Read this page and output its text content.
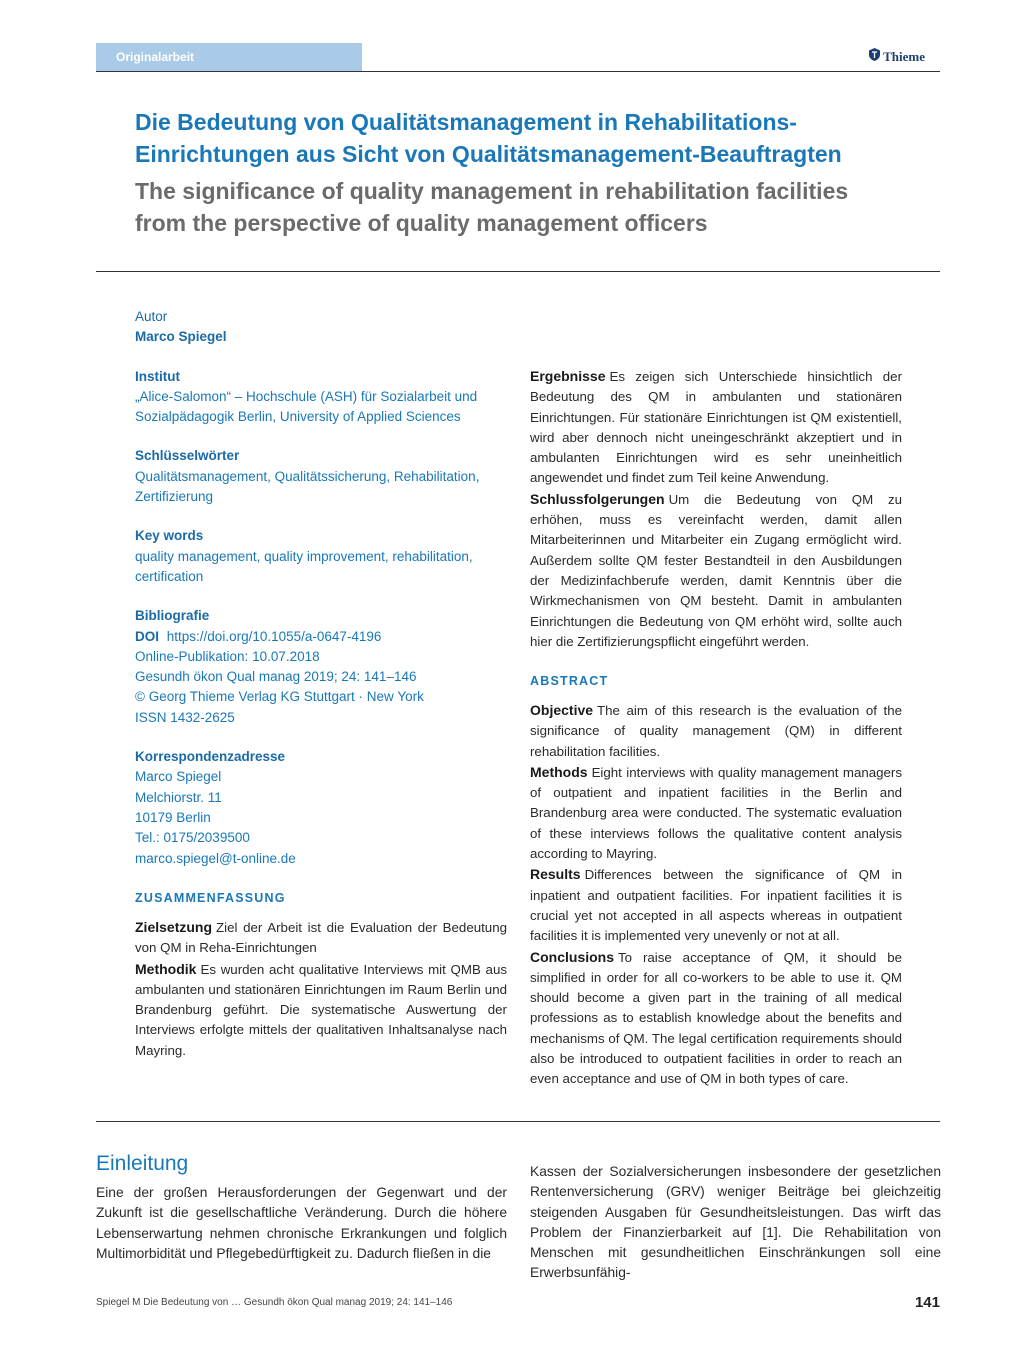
Originalarbeit	Thieme
Die Bedeutung von Qualitätsmanagement in Rehabilitations-
Einrichtungen aus Sicht von Qualitätsmanagement-Beauftragten
The significance of quality management in rehabilitation facilities
from the perspective of quality management officers

Autor

Marco Spiegel

Institut

„Alice-Salomon“ – Hochschule (ASH) für Sozialarbeit und

Sozialpädagogik Berlin, University of Applied Sciences

Schlüsselwörter

Qualitätsmanagement, Qualitätssicherung, Rehabilitation,

Zertifizierung

Key words

quality management, quality improvement, rehabilitation,

certification

Bibliografie

DOI https://doi.org/10.1055/a-0647-4196

Online-Publikation: 10.07.2018

Gesundh ökon Qual manag 2019; 24: 141–146

© Georg Thieme Verlag KG Stuttgart · New York

ISSN 1432-2625

Korrespondenzadresse

Marco Spiegel

Melchiorstr. 11

10179 Berlin

Tel.: 0175/2039500

marco.spiegel@t-online.de

ZUSAMMENFASSUNG

Zielsetzung Ziel der Arbeit ist die Evaluation der Bedeutung von QM in Reha-Einrichtungen

Methodik Es wurden acht qualitative Interviews mit QMB aus ambulanten und stationären Einrichtungen im Raum Berlin und Brandenburg geführt. Die systematische Auswertung der Interviews erfolgte mittels der qualitativen Inhaltsanalyse nach Mayring.

Ergebnisse Es zeigen sich Unterschiede hinsichtlich der Bedeutung des QM in ambulanten und stationären Einrichtungen. Für stationäre Einrichtungen ist QM existentiell, wird aber dennoch nicht uneingeschränkt akzeptiert und in ambulanten Einrichtungen wird es sehr uneinheitlich angewendet und findet zum Teil keine Anwendung.

Schlussfolgerungen Um die Bedeutung von QM zu erhöhen, muss es vereinfacht werden, damit allen Mitarbeiterinnen und Mitarbeiter ein Zugang ermöglicht wird. Außerdem sollte QM fester Bestandteil in den Ausbildungen der Medizinfachberufe werden, damit Kenntnis über die Wirkmechanismen von QM besteht. Damit in ambulanten Einrichtungen die Bedeutung von QM erhöht wird, sollte auch hier die Zertifizierungspflicht eingeführt werden.

ABSTRACT

Objective The aim of this research is the evaluation of the significance of quality management (QM) in different rehabilitation facilities.

Methods Eight interviews with quality management managers of outpatient and inpatient facilities in the Berlin and Brandenburg area were conducted. The systematic evaluation of these interviews follows the qualitative content analysis according to Mayring.

Results Differences between the significance of QM in inpatient and outpatient facilities. For inpatient facilities it is crucial yet not accepted in all aspects whereas in outpatient facilities it is implemented very unevenly or not at all.

Conclusions To raise acceptance of QM, it should be simplified in order for all co-workers to be able to use it. QM should become a given part in the training of all medical professions as to establish knowledge about the benefits and mechanisms of QM. The legal certification requirements should also be introduced to outpatient facilities in order to reach an even acceptance and use of QM in both types of care.

Einleitung

Eine der großen Herausforderungen der Gegenwart und der Zukunft ist die gesellschaftliche Veränderung. Durch die höhere Lebenserwartung nehmen chronische Erkrankungen und folglich Multimorbidität und Pflegebedürftigkeit zu. Dadurch fließen in die

Kassen der Sozialversicherungen insbesondere der gesetzlichen Rentenversicherung (GRV) weniger Beiträge bei gleichzeitig steigenden Ausgaben für Gesundheitsleistungen. Das wirft das Problem der Finanzierbarkeit auf [1]. Die Rehabilitation von Menschen mit gesundheitlichen Einschränkungen soll eine Erwerbsunfähig-

Spiegel M Die Bedeutung von … Gesundh ökon Qual manag 2019; 24: 141–146	141
